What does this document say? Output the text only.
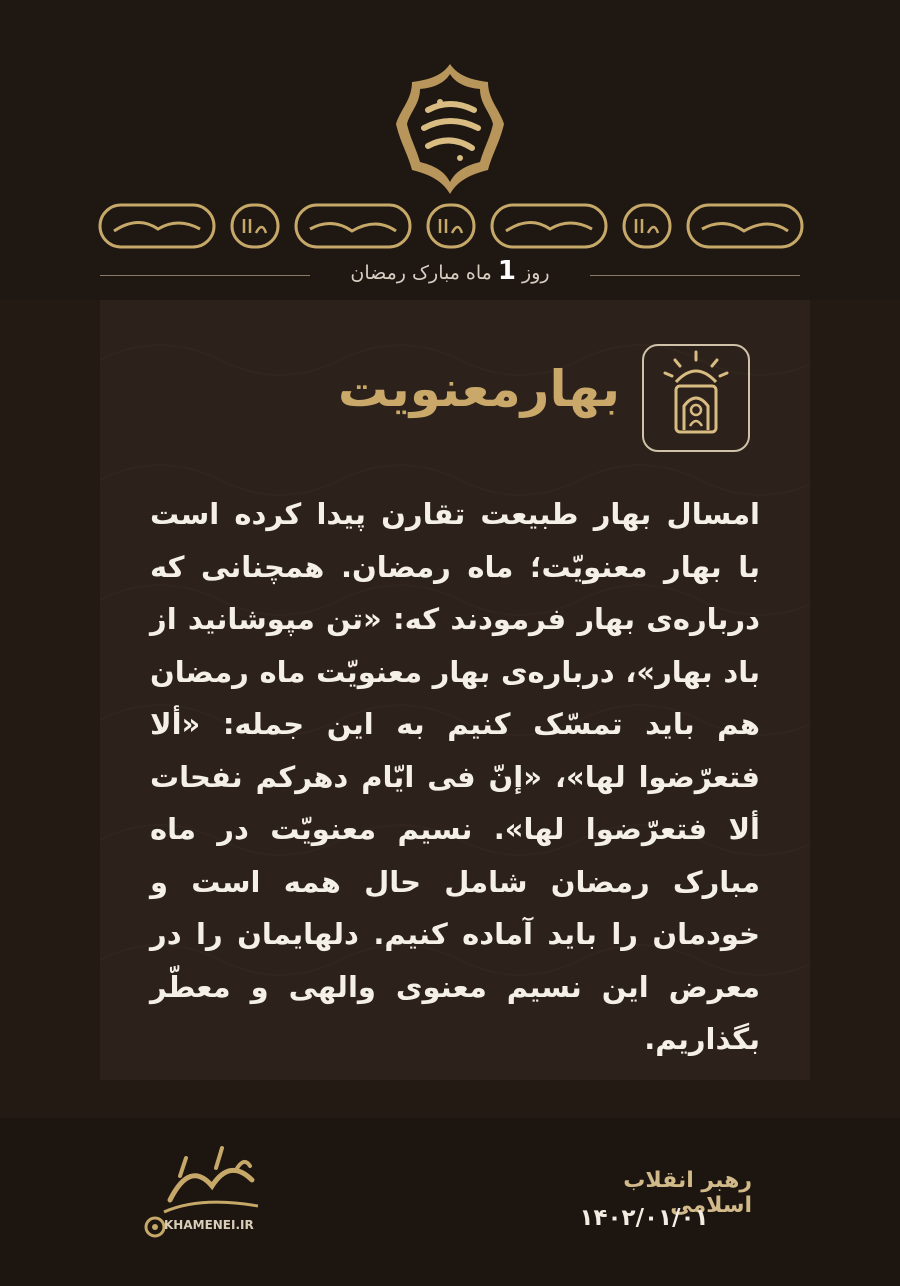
روز 1 ماه مبارک رمضان
بهارمعنویت
امسال بهار طبیعت تقارن پیدا کرده است با بهار معنویّت؛ ماه رمضان. همچنانی که درباره‌ی بهار فرمودند که: «تن مپوشانید از باد بهار»، درباره‌ی بهار معنویّت ماه رمضان هم باید تمسّک کنیم به این جمله: «ألا فتعرّضوا لها»، «إنّ فی ایّام دهرکم نفحات ألا فتعرّضوا لها». نسیم معنویّت در ماه مبارک رمضان شامل حال همه است و خودمان را باید آماده کنیم. دلهایمان را در معرض این نسیم معنوی والهی و معطّر بگذاریم.
رهبر انقلاب اسلامی
۱۴۰۲/۰۱/۰۱
KHAMENEI.IR
